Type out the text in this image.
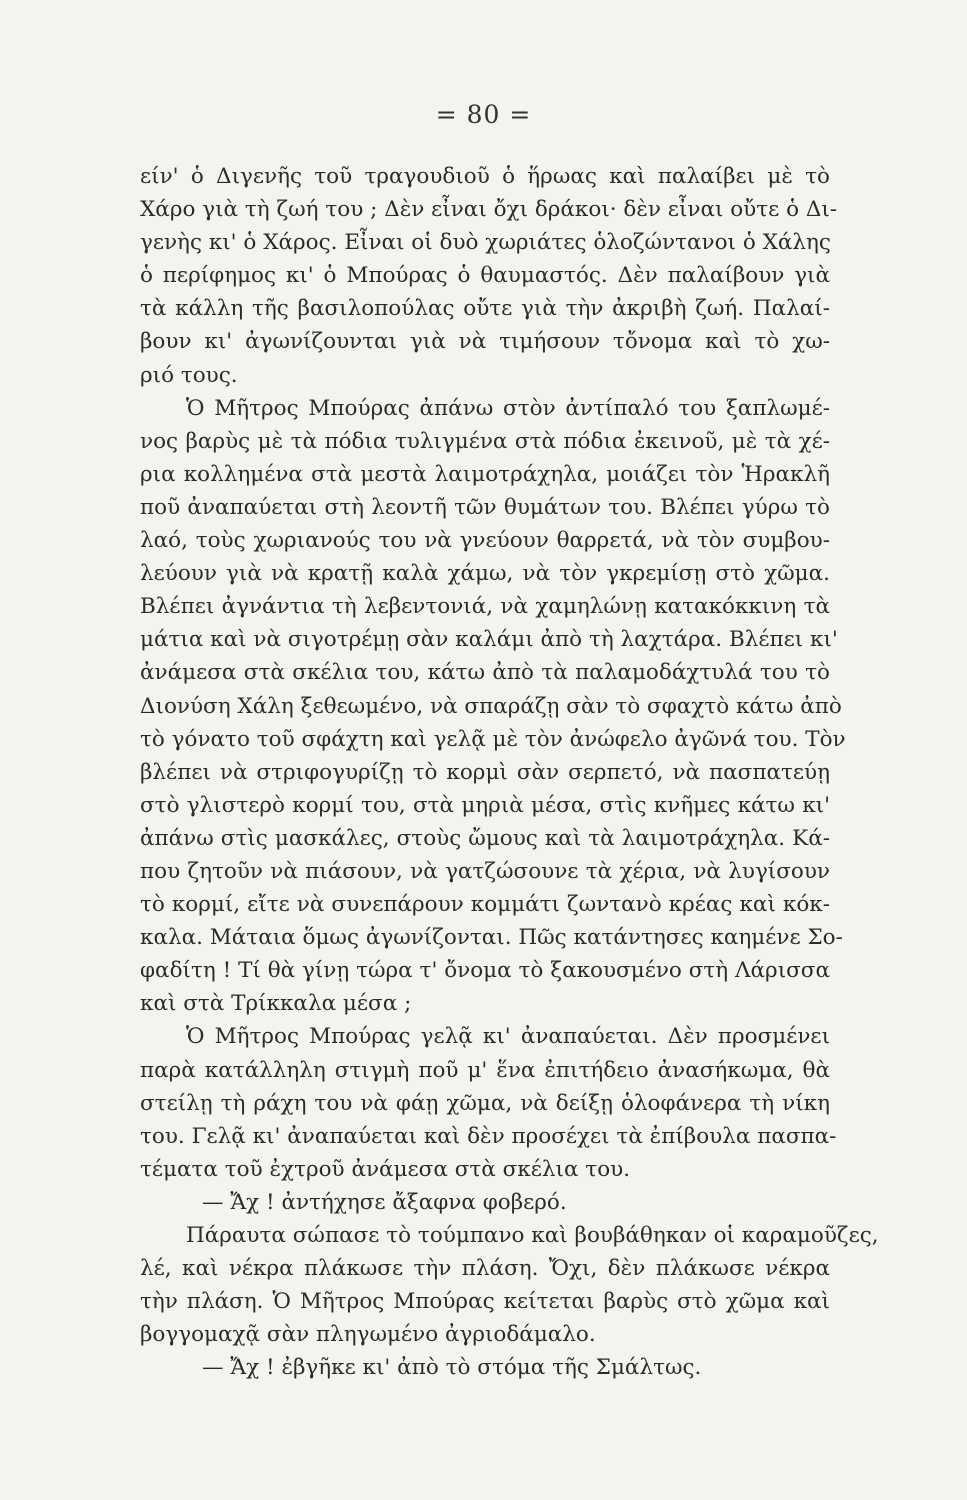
= 80 =
είν' ὁ Διγενῆς τοῦ τραγουδιοῦ ὁ ἥρωας καὶ παλαίβει μὲ τὸ
Χάρο γιὰ τὴ ζωή του ; Δὲν εἶναι ὄχι δράκοι· δὲν εἶναι οὔτε ὁ Δι-
γενὴς κι' ὁ Χάρος. Εἶναι οἱ δυὸ χωριάτες ὁλοζώντανοι ὁ Χάλης
ὁ περίφημος κι' ὁ Μπούρας ὁ θαυμαστός. Δὲν παλαίβουν γιὰ
τὰ κάλλη τῆς βασιλοπούλας οὔτε γιὰ τὴν ἀκριβὴ ζωή. Παλαί-
βουν κι' ἀγωνίζουνται γιὰ νὰ τιμήσουν τὄνομα καὶ τὸ χω-
ριό τους.
Ὁ Μῆτρος Μπούρας ἀπάνω στὸν ἀντίπαλό του ξαπλωμέ-
νος βαρὺς μὲ τὰ πόδια τυλιγμένα στὰ πόδια ἐκεινοῦ, μὲ τὰ χέ-
ρια κολλημένα στὰ μεστὰ λαιμοτράχηλα, μοιάζει τὸν Ἡρακλῆ
ποῦ ἀναπαύεται στὴ λεοντῆ τῶν θυμάτων του. Βλέπει γύρω τὸ
λαό, τοὺς χωριανούς του νὰ γνεύουν θαρρετά, νὰ τὸν συμβου-
λεύουν γιὰ νὰ κρατῇ καλὰ χάμω, νὰ τὸν γκρεμίσῃ στὸ χῶμα.
Βλέπει ἀγνάντια τὴ λεβεντονιά, νὰ χαμηλώνῃ κατακόκκινη τὰ
μάτια καὶ νὰ σιγοτρέμῃ σὰν καλάμι ἀπὸ τὴ λαχτάρα. Βλέπει κι'
ἀνάμεσα στὰ σκέλια του, κάτω ἀπὸ τὰ παλαμοδάχτυλά του τὸ
Διονύση Χάλη ξεθεωμένο, νὰ σπαράζῃ σὰν τὸ σφαχτὸ κάτω ἀπὸ
τὸ γόνατο τοῦ σφάχτη καὶ γελᾷ μὲ τὸν ἀνώφελο ἀγῶνά του. Τὸν
βλέπει νὰ στριφογυρίζῃ τὸ κορμὶ σὰν σερπετό, νὰ πασπατεύῃ
στὸ γλιστερὸ κορμί του, στὰ μηριὰ μέσα, στὶς κνῆμες κάτω κι'
ἀπάνω στὶς μασκάλες, στοὺς ὤμους καὶ τὰ λαιμοτράχηλα. Κά-
που ζητοῦν νὰ πιάσουν, νὰ γατζώσουνε τὰ χέρια, νὰ λυγίσουν
τὸ κορμί, εἴτε νὰ συνεπάρουν κομμάτι ζωντανὸ κρέας καὶ κόκ-
καλα. Μάταια ὅμως ἀγωνίζονται. Πῶς κατάντησες καημένε Σο-
φαδίτη ! Τί θὰ γίνῃ τώρα τ' ὄνομα τὸ ξακουσμένο στὴ Λάρισσα
καὶ στὰ Τρίκκαλα μέσα ;
Ὁ Μῆτρος Μπούρας γελᾷ κι' ἀναπαύεται. Δὲν προσμένει
παρὰ κατάλληλη στιγμὴ ποῦ μ' ἕνα ἐπιτήδειο ἀνασήκωμα, θὰ
στείλῃ τὴ ράχη του νὰ φάῃ χῶμα, νὰ δείξῃ ὁλοφάνερα τὴ νίκη
του. Γελᾷ κι' ἀναπαύεται καὶ δὲν προσέχει τὰ ἐπίβουλα πασπα-
τέματα τοῦ ἐχτροῦ ἀνάμεσα στὰ σκέλια του.
— Ἄχ ! ἀντήχησε ἄξαφνα φοβερό.
Πάραυτα σώπασε τὸ τούμπανο καὶ βουβάθηκαν οἱ καραμοῦζες,
λέ, καὶ νέκρα πλάκωσε τὴν πλάση. Ὄχι, δὲν πλάκωσε νέκρα
τὴν πλάση. Ὁ Μῆτρος Μπούρας κείτεται βαρὺς στὸ χῶμα καὶ
βογγομαχᾷ σὰν πληγωμένο ἀγριοδάμαλο.
— Ἄχ ! ἐβγῆκε κι' ἀπὸ τὸ στόμα τῆς Σμάλτως.
